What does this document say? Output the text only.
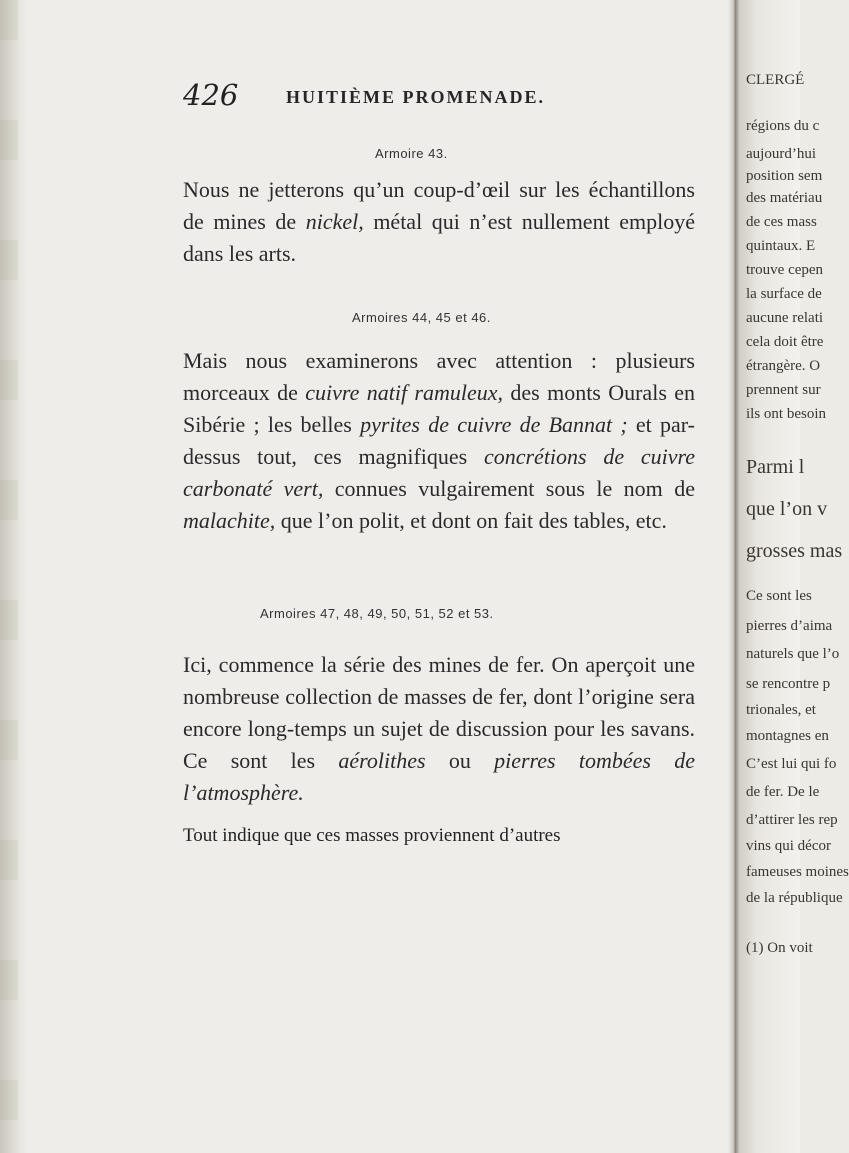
426	HUITIÈME PROMENADE.
Armoire 43.

Nous ne jetterons qu’un coup-d’œil sur les échantillons de mines de nickel, métal qui n’est nullement employé dans les arts.

Armoires 44, 45 et 46.

Mais nous examinerons avec attention : plusieurs morceaux de cuivre natif ramuleux, des monts Ourals en Sibérie ; les belles pyrites de cuivre de Bannat ; et par-dessus tout, ces magnifiques concrétions de cuivre carbonaté vert, connues vulgairement sous le nom de malachite, que l’on polit, et dont on fait des tables, etc.

Armoires 47, 48, 49, 50, 51, 52 et 53.

Ici, commence la série des mines de fer. On aperçoit une nombreuse collection de masses de fer, dont l’origine sera encore long-temps un sujet de discussion pour les savans. Ce sont les aérolithes ou pierres tombées de l’atmosphère.

Tout indique que ces masses proviennent d’autres
CLERGÉ
régions du c
aujourd’hui
position sem
des matériau
de ces mass
quintaux. E
trouve cepen
la surface de
aucune relati
cela doit être
étrangère. O
prennent sur
ils ont besoin
Parmi l
que l’on v
grosses mas
Ce sont les
pierres d’aima
naturels que l’o
se rencontre p
trionales, et
montagnes en
C’est lui qui fo
de fer. De le
d’attirer les rep
vins qui décor
fameuses moines
de la république
(1) On voit
